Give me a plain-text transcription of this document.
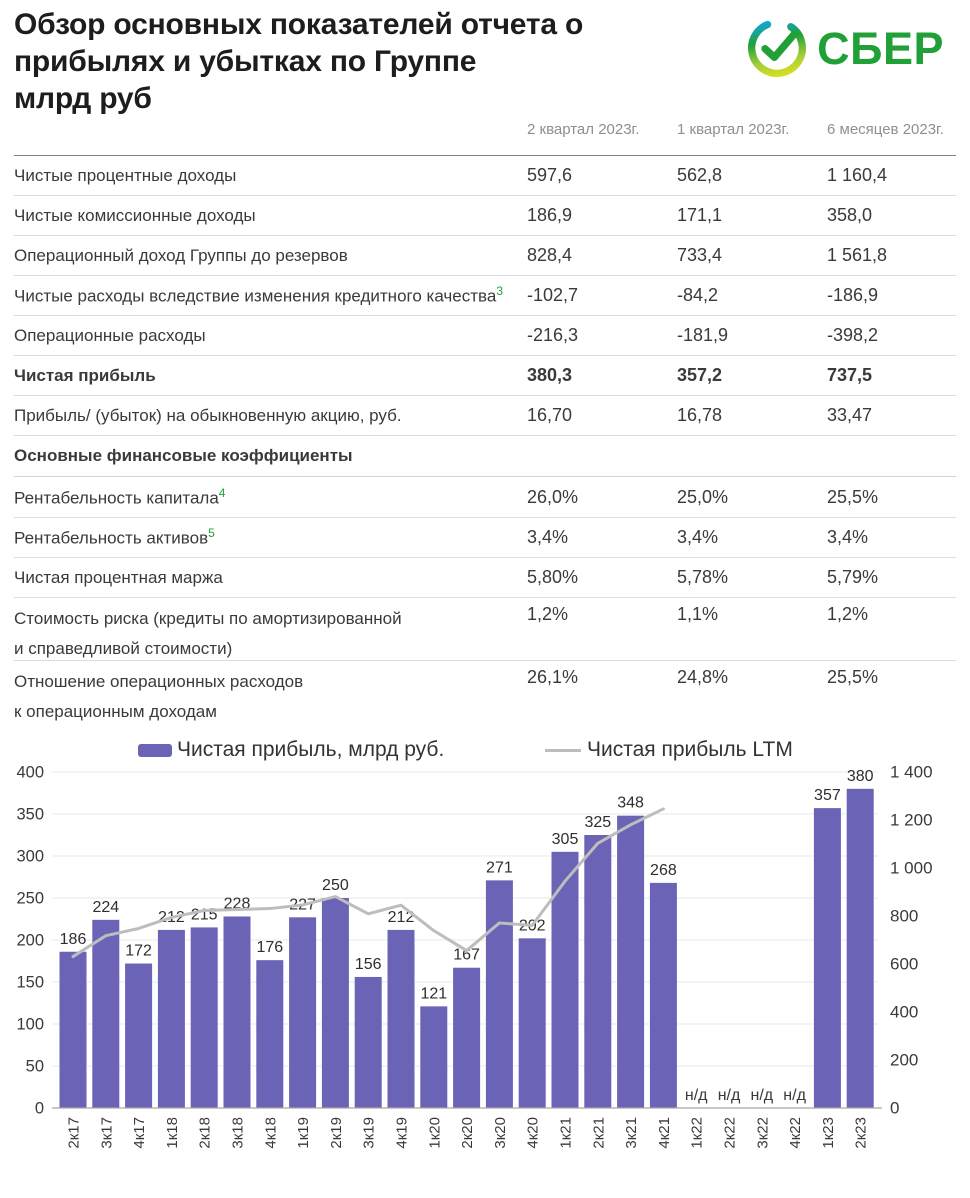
Обзор основных показателей отчета о
прибылях и убытках по Группе
млрд руб
СБЕР
2 квартал 2023г.	1 квартал 2023г.	6 месяцев 2023г.
Чистые процентные доходы	597,6	562,8	1 160,4
Чистые комиссионные доходы	186,9	171,1	358,0
Операционный доход Группы до резервов	828,4	733,4	1 561,8
Чистые расходы вследствие изменения кредитного качества$^3$	-102,7	-84,2	-186,9
Операционные расходы	-216,3	-181,9	-398,2
Чистая прибыль	380,3	357,2	737,5
Прибыль/ (убыток) на обыкновенную акцию, руб.	16,70	16,78	33,47
Основные финансовые коэффициенты
Рентабельность капитала$^4$	26,0%	25,0%	25,5%
Рентабельность активов$^5$	3,4%	3,4%	3,4%
Чистая процентная маржа	5,80%	5,78%	5,79%
Стоимость риска (кредиты по амортизированной
и справедливой стоимости)
1,2%	1,1%	1,2%
Отношение операционных расходов
к операционным доходам
26,1%	24,8%	25,5%
Чистая прибыль, млрд руб.	Чистая прибыль LTM
0
50
100
150
200
250
300
350
400
0
200
400
600
800
1 000
1 200
1 400
186
2к17
224
3к17
172
4к17
212
1к18
215
2к18
228
3к18
176
4к18
227
1к19
250
2к19
156
3к19
212
4к19
121
1к20
167
2к20
271
3к20
202
4к20
305
1к21
325
2к21
348
3к21
268
4к21
н/д
1к22
н/д
2к22
н/д
3к22
н/д
4к22
357
1к23
380
2к23
